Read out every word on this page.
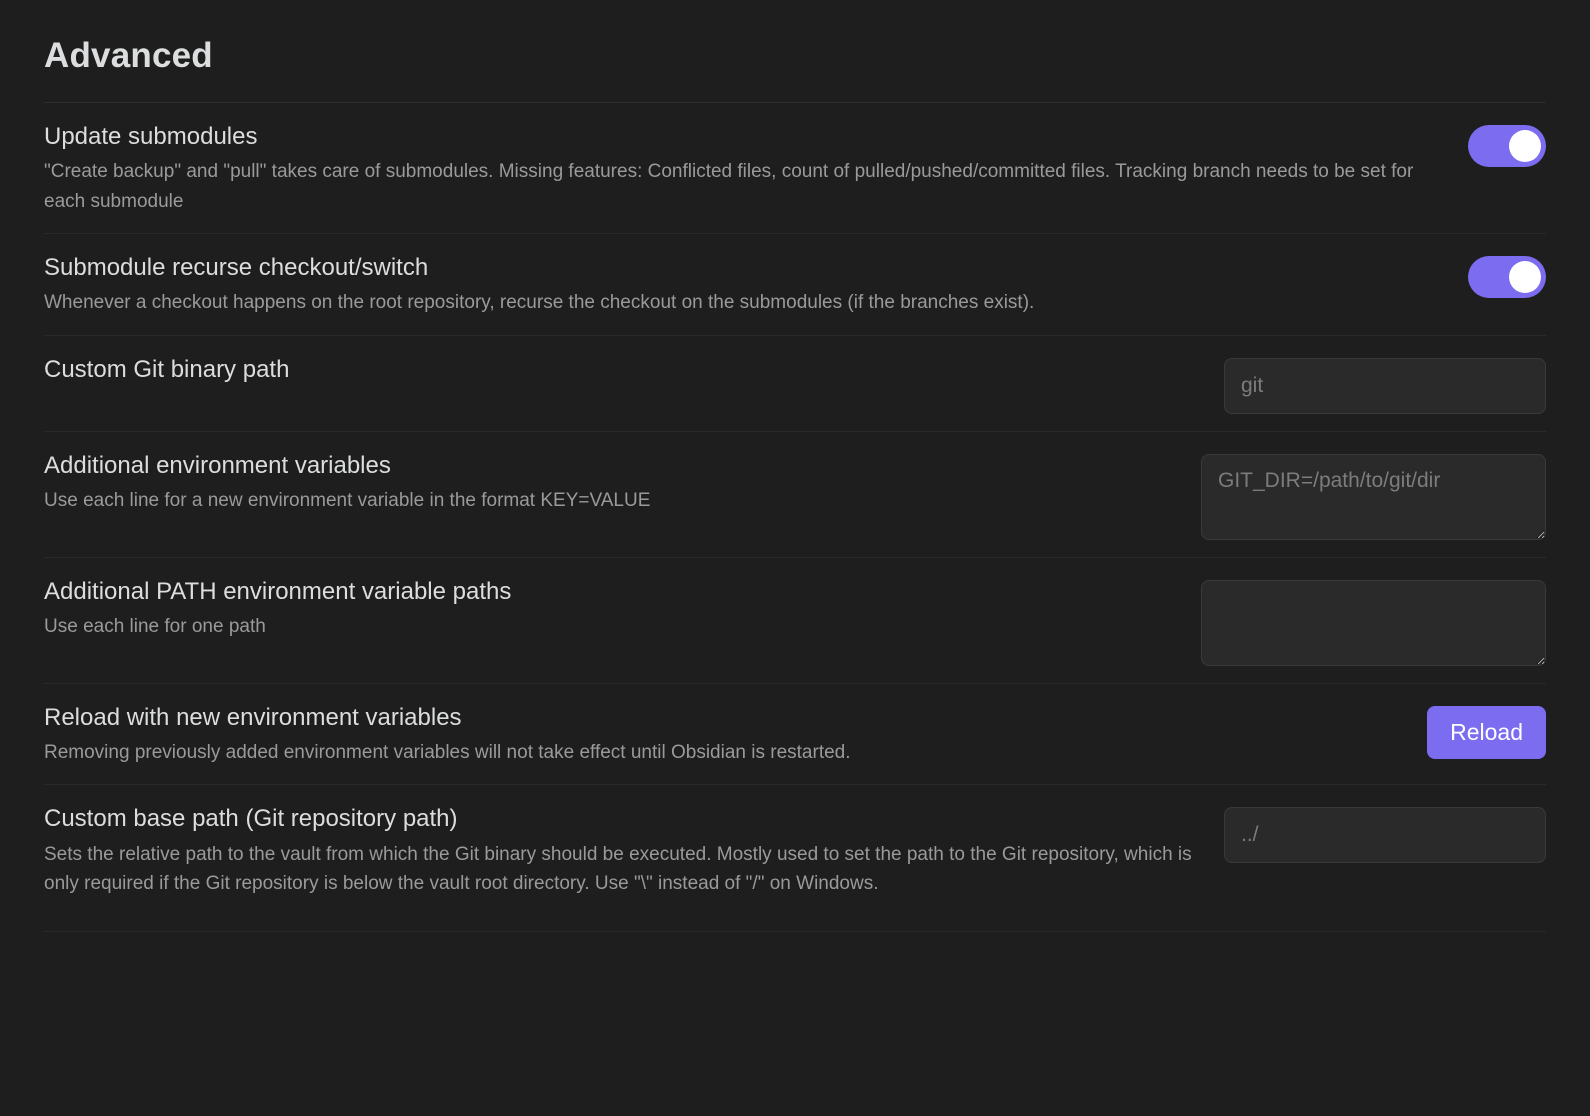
Advanced
Update submodules
"Create backup" and "pull" takes care of submodules. Missing features: Conflicted files, count of pulled/pushed/committed files. Tracking branch needs to be set for each submodule
Submodule recurse checkout/switch
Whenever a checkout happens on the root repository, recurse the checkout on the submodules (if the branches exist).
Custom Git binary path
git
Additional environment variables
Use each line for a new environment variable in the format KEY=VALUE
GIT_DIR=/path/to/git/dir
Additional PATH environment variable paths
Use each line for one path
Reload with new environment variables
Removing previously added environment variables will not take effect until Obsidian is restarted.
Reload
Custom base path (Git repository path)
Sets the relative path to the vault from which the Git binary should be executed. Mostly used to set the path to the Git repository, which is only required if the Git repository is below the vault root directory. Use "\" instead of "/" on Windows.
../
